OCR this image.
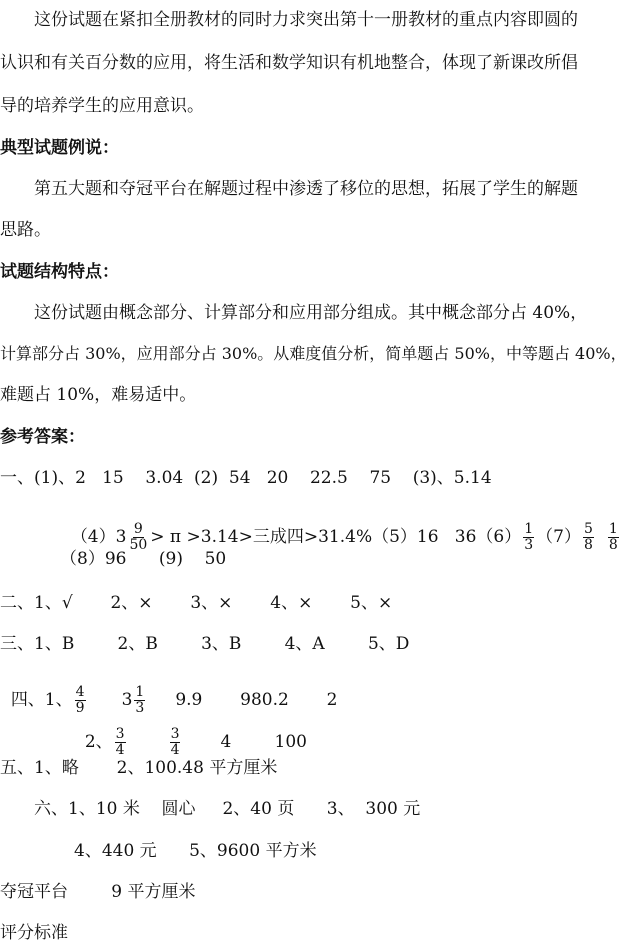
这份试题在紧扣全册教材的同时力求突出第十一册教材的重点内容即圆的
认识和有关百分数的应用，将生活和数学知识有机地整合，体现了新课改所倡
导的培养学生的应用意识。
典型试题例说：
第五大题和夺冠平台在解题过程中渗透了移位的思想，拓展了学生的解题
思路。
试题结构特点：
这份试题由概念部分、计算部分和应用部分组成。其中概念部分占 40%，
计算部分占 30%，应用部分占 30%。从难度值分析，简单题占 50%，中等题占 40%，
难题占 10%，难易适中。
参考答案：
一、(1)、2   15    3.04  (2)  54   20    22.5    75    (3)、5.14

$(4)3 \frac{9}{50} > \pi >3.14>$三成四>31.4%（5）16   $36(6) \frac{1}{3} (7) \frac{5}{8} \frac{1}{8}$

（8）96      (9)    50
二、1、√       2、×       3、×       4、×       5、×
三、1、B        2、B        3、B        4、A        5、D

四、1、 $\frac{4}{9} 3 \frac{1}{3} 9.9$       980.2       2

2、 $\frac{3}{4}$	$\frac{3}{4} 4$        100

五、1、略       2、100.48 平方厘米
六、1、10 米    圆心     2、40 页      3、  300 元
4、440 元      5、9600 平方米
夺冠平台        9 平方厘米
评分标准
